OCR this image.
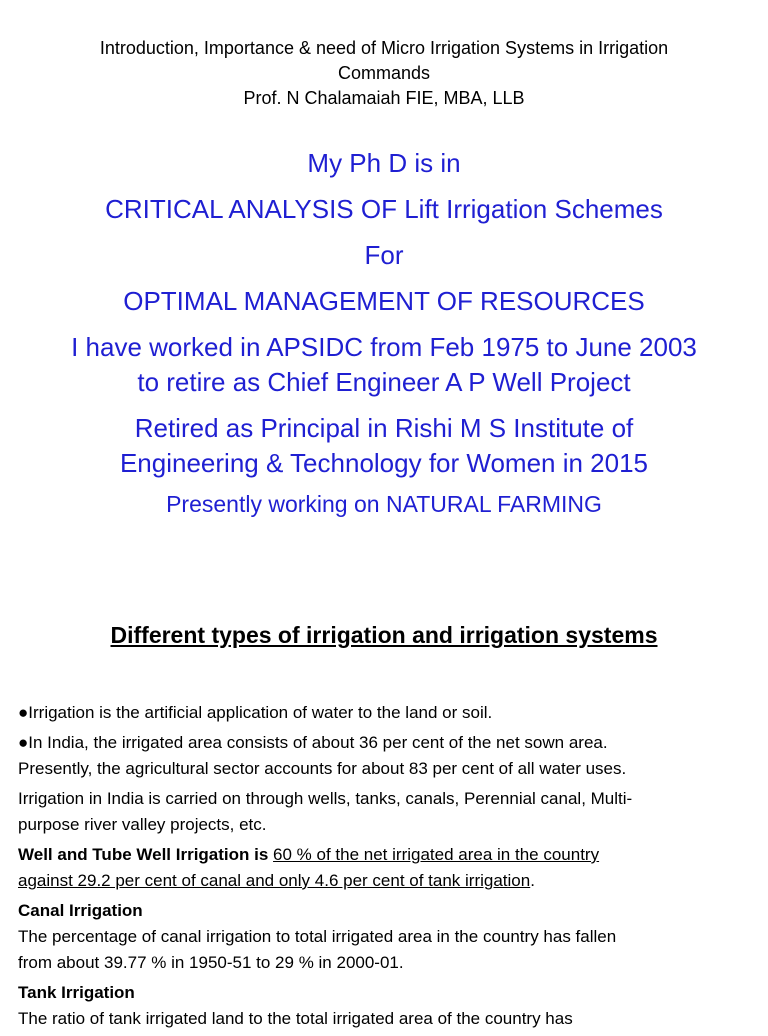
Introduction, Importance & need of Micro Irrigation Systems in Irrigation
Commands
Prof. N Chalamaiah FIE, MBA, LLB
My Ph D is in
CRITICAL ANALYSIS OF Lift Irrigation Schemes
For
OPTIMAL MANAGEMENT OF RESOURCES
I have worked in APSIDC from Feb 1975 to June 2003
to retire as Chief Engineer A P Well Project
Retired as Principal in Rishi M S Institute of
Engineering & Technology for Women in 2015
Presently working on NATURAL FARMING
Different types of irrigation and irrigation systems

●Irrigation is the artificial application of water to the land or soil.

●In India, the irrigated area consists of about 36 per cent of the net sown area.
Presently, the agricultural sector accounts for about 83 per cent of all water uses.

Irrigation in India is carried on through wells, tanks, canals, Perennial canal, Multi-
purpose river valley projects, etc.

Well and Tube Well Irrigation is 60 % of the net irrigated area in the country
against 29.2 per cent of canal and only 4.6 per cent of tank irrigation.

Canal Irrigation

The percentage of canal irrigation to total irrigated area in the country has fallen
from about 39.77 % in 1950-51 to 29 % in 2000-01.

Tank Irrigation

The ratio of tank irrigated land to the total irrigated area of the country has
